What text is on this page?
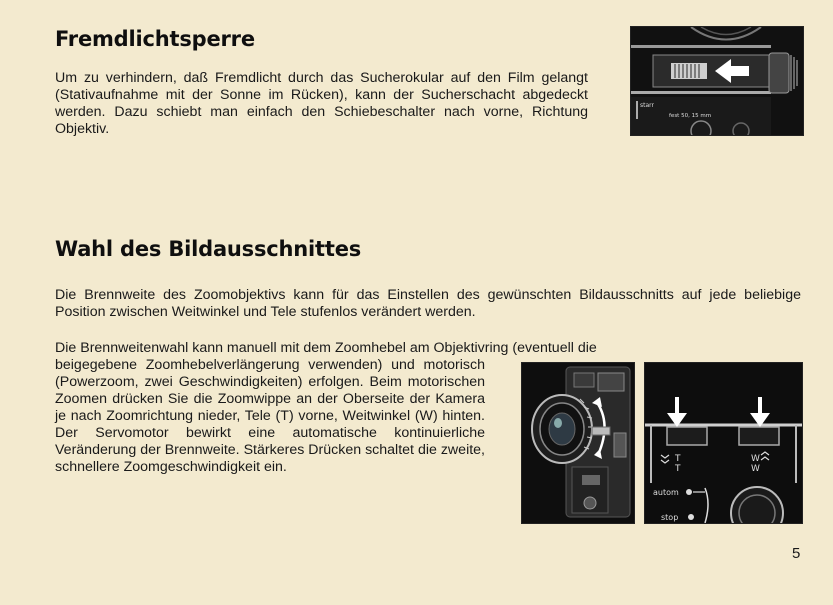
Fremdlichtsperre

Um zu verhindern, daß Fremdlicht durch das Sucherokular auf den Film gelangt (Stativaufnahme mit der Sonne im Rücken), kann der Sucherschacht abgedeckt werden. Dazu schiebt man einfach den Schiebeschalter nach vorne, Richtung Objektiv.

starr
fest 50, 15 mm
Wahl des Bildausschnittes

Die Brennweite des Zoomobjektivs kann für das Einstellen des gewünschten Bildausschnitts auf jede beliebige Position zwischen Weitwinkel und Tele stufenlos verändert werden.

Die Brennweitenwahl kann manuell mit dem Zoomhebel am Objektivring (eventuell die

beigegebene Zoomhebelverlängerung verwenden) und motorisch (Powerzoom, zwei Geschwindigkeiten) erfolgen. Beim motorischen Zoomen drücken Sie die Zoomwippe an der Oberseite der Kamera je nach Zoomrichtung nieder, Tele (T) vorne, Weitwinkel (W) hinten. Der Servomotor bewirkt eine automatische kontinuierliche Veränderung der Brennweite. Stärkeres Drücken schaltet die zweite, schnellere Zoomgeschwindigkeit ein.	T
T
W
W
autom
stop
5
